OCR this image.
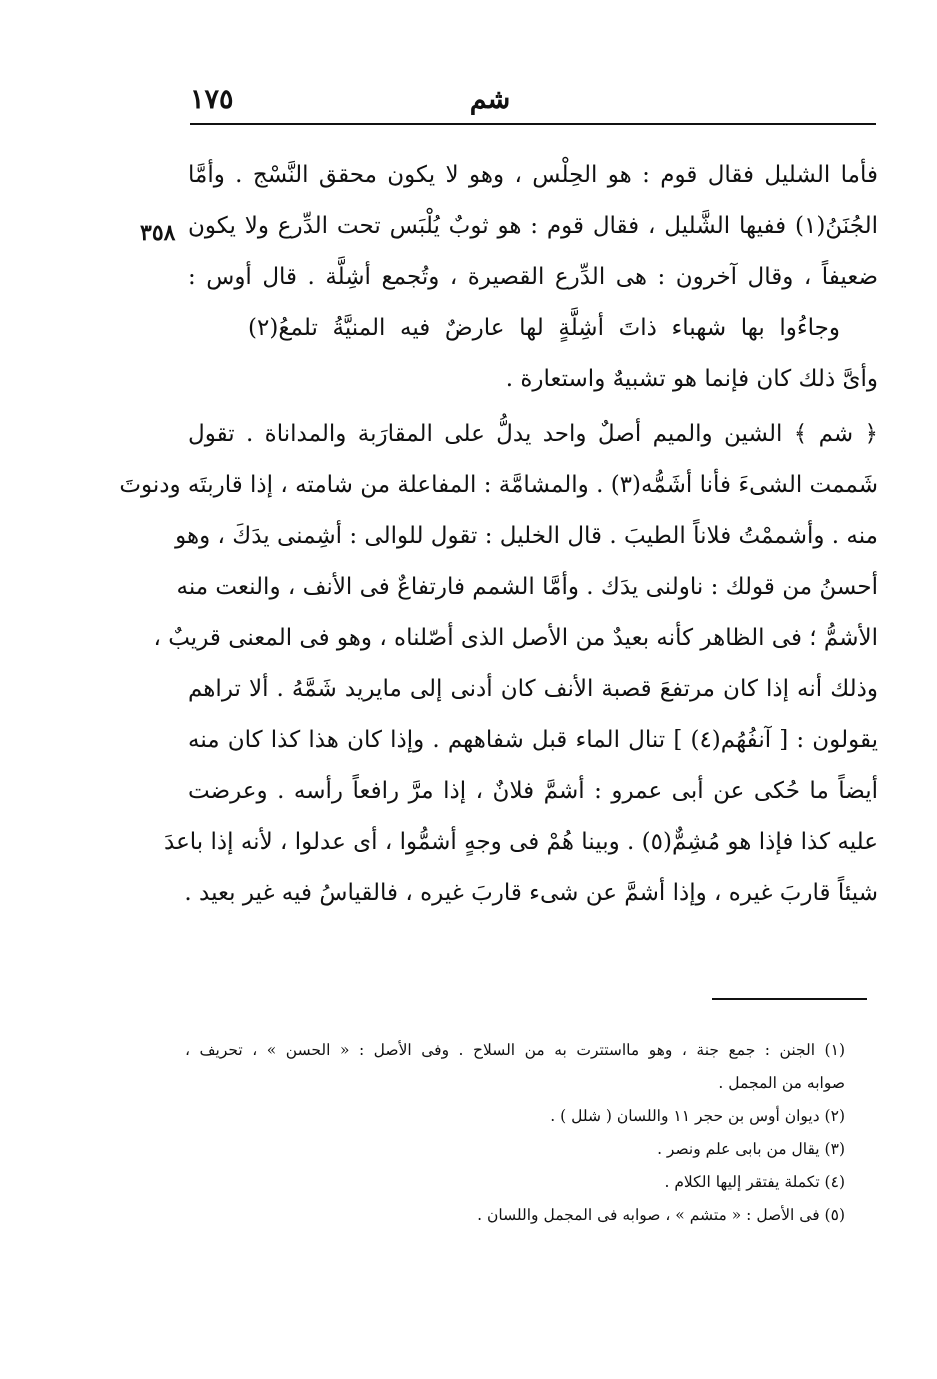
شم
١٧٥
٣٥٨
فأما الشليل فقال قوم : هو الحِلْس ، وهو لا يكون محقق النَّسْج . وأمَّا
الجُنَنُ(١) ففيها الشَّليل ، فقال قوم : هو ثوبٌ يُلْبَس تحت الدِّرع ولا يكون
ضعيفاً ، وقال آخرون : هى الدِّرع القصيرة ، وتُجمع أشِلَّة . قال أوس :
وجاءُوا بها شهباء ذاتَ أشِلَّةٍ لها عارضٌ فيه المنيَّةُ تلمعُ(٢)
وأىَّ ذلك كان فإنما هو تشبيهٌ واستعارة .
﴿ شم ﴾ الشين والميم أصلٌ واحد يدلُّ على المقارَبة والمداناة . تقول
شَممت الشىءَ فأنا أشَمُّه(٣) . والمشامَّة : المفاعلة من شامته ، إذا قاربتَه ودنوتَ
منه . وأشممْتُ فلاناً الطيبَ . قال الخليل : تقول للوالى : أشِمنى يدَكَ ، وهو
أحسنُ من قولك : ناولنى يدَك . وأمَّا الشمم فارتفاعٌ فى الأنف ، والنعت منه
الأشمُّ ؛ فى الظاهر كأنه بعيدٌ من الأصل الذى أصّلناه ، وهو فى المعنى قريبٌ ،
وذلك أنه إذا كان مرتفعَ قصبة الأنف كان أدنى إلى مايريد شَمَّهُ . ألا تراهم
يقولون : [ آنفُهُم(٤) ] تنال الماء قبل شفاههم . وإذا كان هذا كذا كان منه
أيضاً ما حُكى عن أبى عمرو : أشمَّ فلانٌ ، إذا مرَّ رافعاً رأسه . وعرضت
عليه كذا فإذا هو مُشِمٌّ(٥) . وبينا هُمْ فى وجهٍ أشمُّوا ، أى عدلوا ، لأنه إذا باعدَ
شيئاً قاربَ غيره ، وإذا أشمَّ عن شىء قاربَ غيره ، فالقياسُ فيه غير بعيد .
(١) الجنن : جمع جنة ، وهو مااستترت به من السلاح . وفى الأصل : « الحسن » ، تحريف ،
صوابه من المجمل .
(٢) ديوان أوس بن حجر ١١ واللسان ( شلل ) .
(٣) يقال من بابى علم ونصر .
(٤) تكملة يفتقر إليها الكلام .
(٥) فى الأصل : « متشم » ، صوابه فى المجمل واللسان .
